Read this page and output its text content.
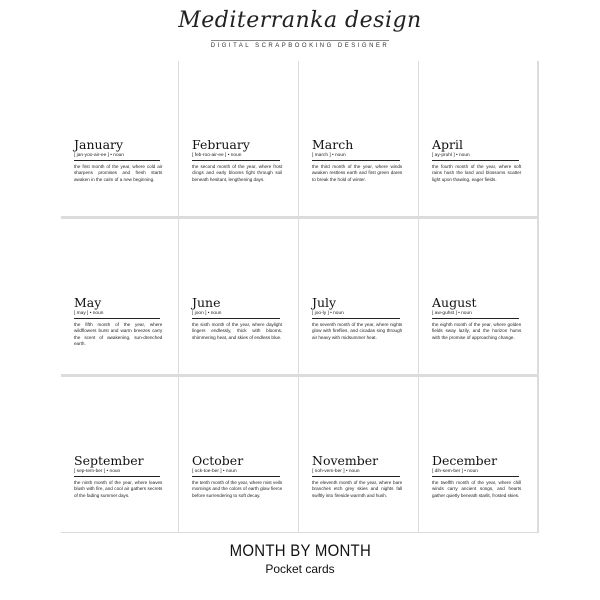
Mediterranka design
DIGITAL SCRAPBOOKING DESIGNER
January
[ jan-yoo-air-ee ] • noun
the first month of the year, where cold air sharpens promises and fresh starts awaken in the calm of a new beginning.
February
[ feb-roo-air-ee ] • noun
the second month of the year, where frost clings and early blooms fight through soil beneath hesitant, lengthening days.
March
[ march ] • noun
the third month of the year, where winds awaken restless earth and first green dares to break the hold of winter.
April
[ ay-pruhl ] • noun
the fourth month of the year, where soft rains hush the land and blossoms scatter light upon thawing, eager fields.
May
[ may ] • noun
the fifth month of the year, where wildflowers burst and warm breezes carry the scent of awakening, sun-drenched earth.
June
[ joon ] • noun
the sixth month of the year, where daylight lingers endlessly, thick with blooms, shimmering heat, and skies of endless blue.
July
[ joo-ly ] • noun
the seventh month of the year, where nights glow with fireflies, and cicadas sing through air heavy with midsummer heat.
August
[ aw-guhst ] • noun
the eighth month of the year, where golden fields sway lazily, and the horizon hums with the promise of approaching change.
September
[ sep-tem-ber ] • noun
the ninth month of the year, where leaves blush with fire, and cool air gathers secrets of the fading summer days.
October
[ ock-toe-ber ] • noun
the tenth month of the year, where mist veils mornings and the colors of earth glow fierce before surrendering to soft decay.
November
[ noh-vem-ber ] • noun
the eleventh month of the year, where bare branches etch grey skies and nights fall swiftly into fireside warmth and hush.
December
[ dih-sem-ber ] • noun
the twelfth month of the year, where chill winds carry ancient songs, and hearts gather quietly beneath starlit, frosted skies.
MONTH BY MONTH
Pocket cards
